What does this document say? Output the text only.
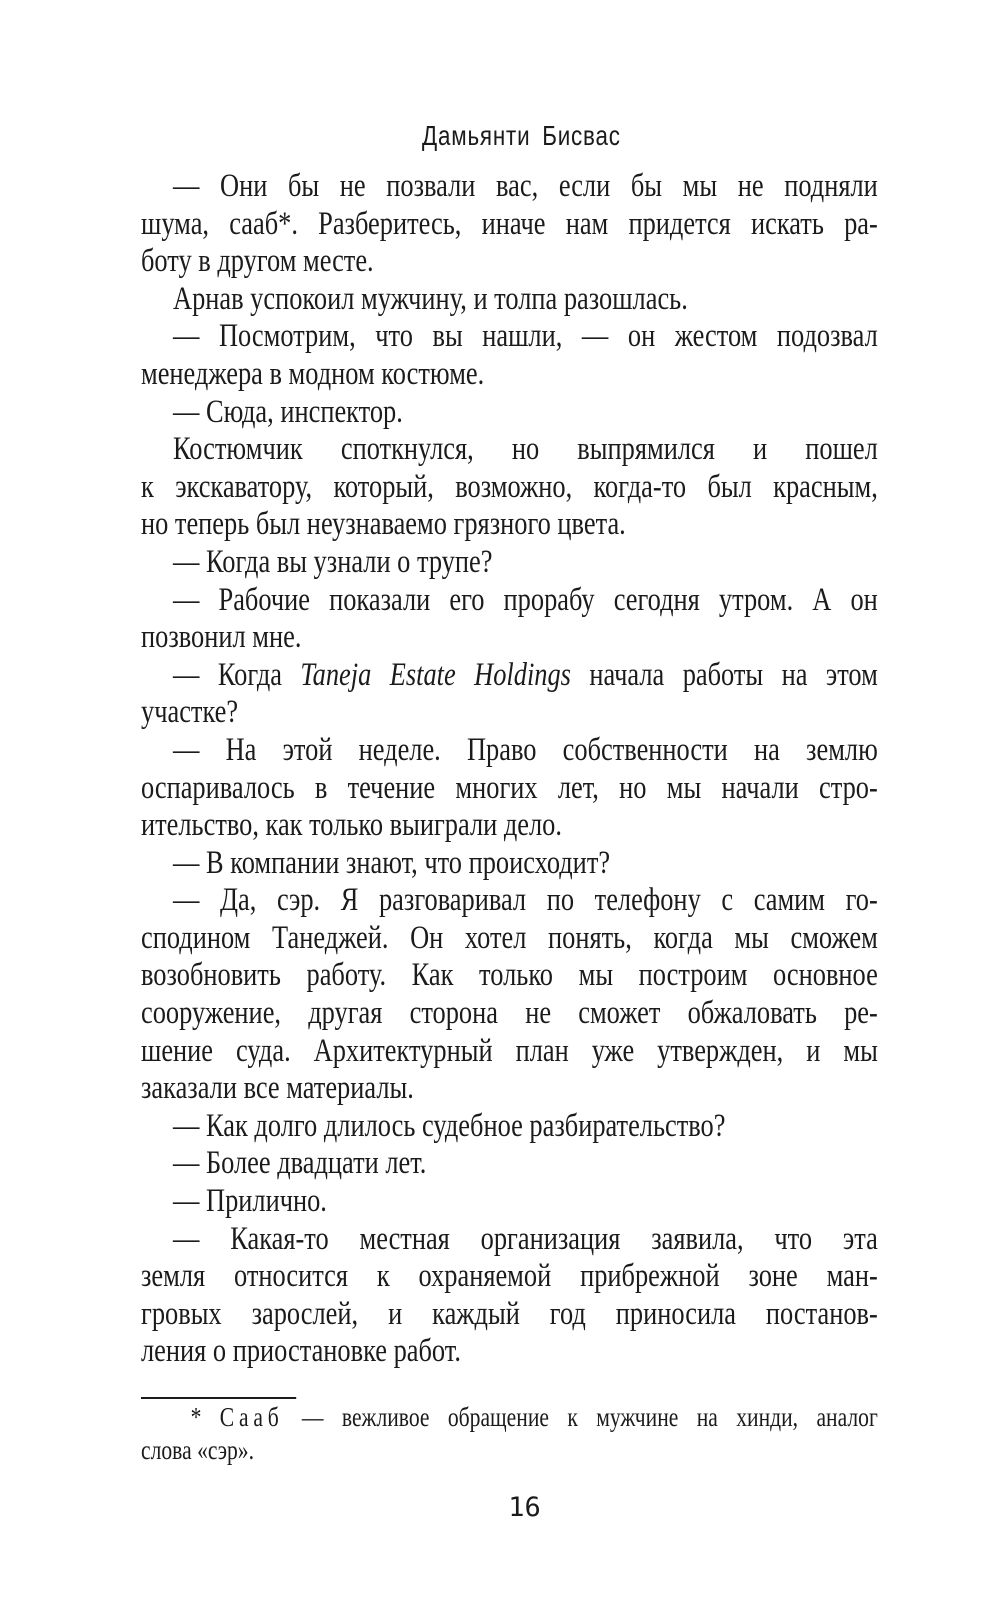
Дамьянти Бисвас

— Они бы не позвали вас, если бы мы не подняли
шума, сааб*. Разберитесь, иначе нам придется искать ра-
боту в другом месте.

Арнав успокоил мужчину, и толпа разошлась.

— Посмотрим, что вы нашли, — он жестом подозвал
менеджера в модном костюме.

— Сюда, инспектор.

Костюмчик споткнулся, но выпрямился и пошел
к экскаватору, который, возможно, когда-то был красным,
но теперь был неузнаваемо грязного цвета.

— Когда вы узнали о трупе?

— Рабочие показали его прорабу сегодня утром. А он
позвонил мне.

— Когда Taneja Estate Holdings начала работы на этом
участке?

— На этой неделе. Право собственности на землю
оспаривалось в течение многих лет, но мы начали стро-
ительство, как только выиграли дело.

— В компании знают, что происходит?

— Да, сэр. Я разговаривал по телефону с самим го-
сподином Танеджей. Он хотел понять, когда мы сможем
возобновить работу. Как только мы построим основное
сооружение, другая сторона не сможет обжаловать ре-
шение суда. Архитектурный план уже утвержден, и мы
заказали все материалы.

— Как долго длилось судебное разбирательство?

— Более двадцати лет.

— Прилично.

— Какая-то местная организация заявила, что эта
земля относится к охраняемой прибрежной зоне ман-
гровых зарослей, и каждый год приносила постанов-
ления о приостановке работ.

* Сааб — вежливое обращение к мужчине на хинди, аналог
слова «сэр».
16
